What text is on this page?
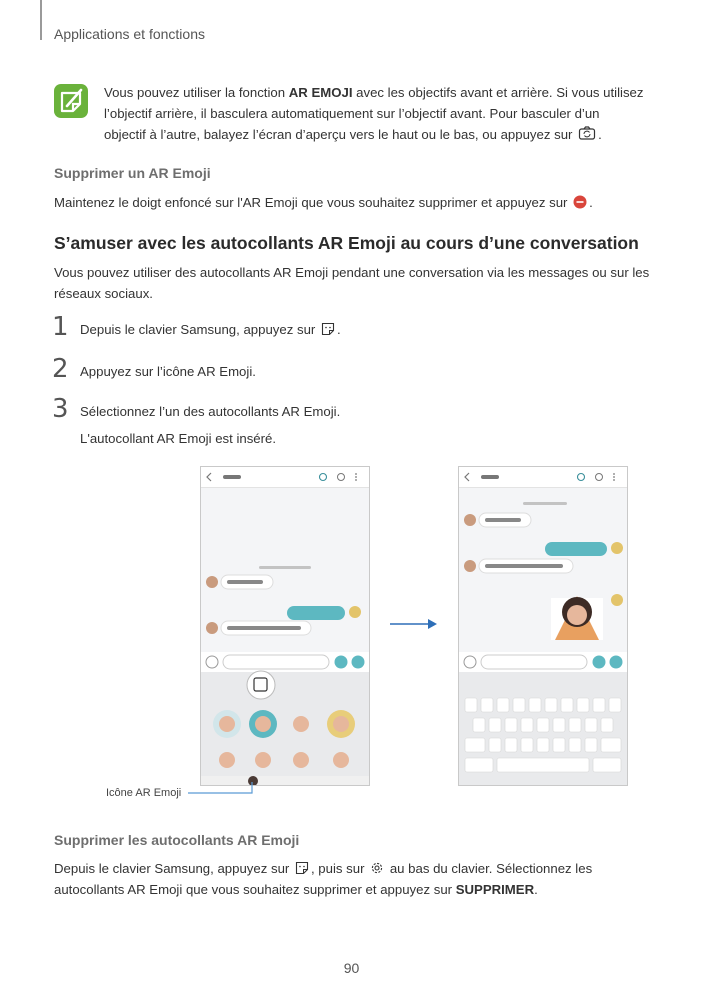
Applications et fonctions
Vous pouvez utiliser la fonction AR EMOJI avec les objectifs avant et arrière. Si vous utilisez
l’objectif arrière, il basculera automatiquement sur l’objectif avant. Pour basculer d’un
objectif à l’autre, balayez l’écran d’aperçu vers le haut ou le bas, ou appuyez sur .
Supprimer un AR Emoji
Maintenez le doigt enfoncé sur l'AR Emoji que vous souhaitez supprimer et appuyez sur .
S’amuser avec les autocollants AR Emoji au cours d’une conversation
Vous pouvez utiliser des autocollants AR Emoji pendant une conversation via les messages ou sur les
réseaux sociaux.
1 Depuis le clavier Samsung, appuyez sur .
2 Appuyez sur l’icône AR Emoji.
3 Sélectionnez l’un des autocollants AR Emoji.
L'autocollant AR Emoji est inséré.
Icône AR Emoji
Supprimer les autocollants AR Emoji
Depuis le clavier Samsung, appuyez sur , puis sur au bas du clavier. Sélectionnez les
autocollants AR Emoji que vous souhaitez supprimer et appuyez sur SUPPRIMER.
90
